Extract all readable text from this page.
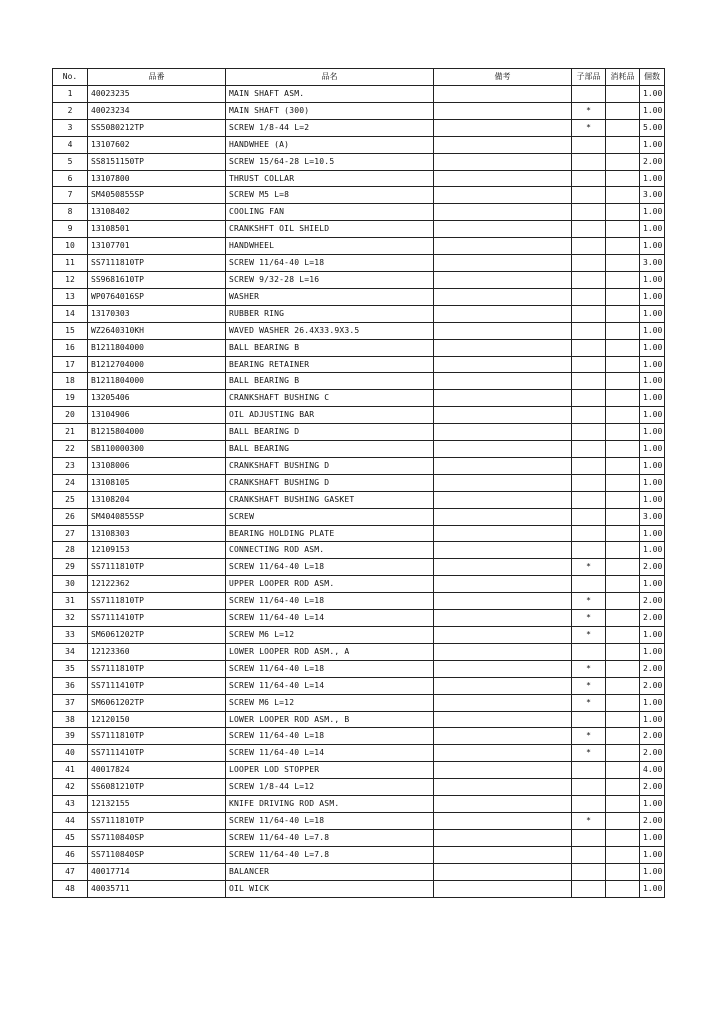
No.	品番	品名	備考	子部品	消耗品	個数
1	40023235	MAIN SHAFT ASM.				1.00
2	40023234	MAIN SHAFT (300)		*		1.00
3	SS5080212TP	SCREW 1/8-44 L=2		*		5.00
4	13107602	HANDWHEE (A)				1.00
5	SS8151150TP	SCREW 15/64-28 L=10.5				2.00
6	13107800	THRUST COLLAR				1.00
7	SM4050855SP	SCREW M5 L=8				3.00
8	13108402	COOLING FAN				1.00
9	13108501	CRANKSHFT OIL SHIELD				1.00
10	13107701	HANDWHEEL				1.00
11	SS7111810TP	SCREW 11/64-40 L=18				3.00
12	SS9681610TP	SCREW 9/32-28 L=16				1.00
13	WP0764016SP	WASHER				1.00
14	13170303	RUBBER RING				1.00
15	WZ2640310KH	WAVED WASHER 26.4X33.9X3.5				1.00
16	B1211804000	BALL BEARING B				1.00
17	B1212704000	BEARING RETAINER				1.00
18	B1211804000	BALL BEARING B				1.00
19	13205406	CRANKSHAFT BUSHING C				1.00
20	13104906	OIL ADJUSTING BAR				1.00
21	B1215804000	BALL BEARING D				1.00
22	SB110000300	BALL BEARING				1.00
23	13108006	CRANKSHAFT BUSHING D				1.00
24	13108105	CRANKSHAFT BUSHING D				1.00
25	13108204	CRANKSHAFT BUSHING GASKET				1.00
26	SM4040855SP	SCREW				3.00
27	13108303	BEARING HOLDING PLATE				1.00
28	12109153	CONNECTING ROD ASM.				1.00
29	SS7111810TP	SCREW 11/64-40 L=18		*		2.00
30	12122362	UPPER LOOPER ROD ASM.				1.00
31	SS7111810TP	SCREW 11/64-40 L=18		*		2.00
32	SS7111410TP	SCREW 11/64-40 L=14		*		2.00
33	SM6061202TP	SCREW M6 L=12		*		1.00
34	12123360	LOWER LOOPER ROD ASM., A				1.00
35	SS7111810TP	SCREW 11/64-40 L=18		*		2.00
36	SS7111410TP	SCREW 11/64-40 L=14		*		2.00
37	SM6061202TP	SCREW M6 L=12		*		1.00
38	12120150	LOWER LOOPER ROD ASM., B				1.00
39	SS7111810TP	SCREW 11/64-40 L=18		*		2.00
40	SS7111410TP	SCREW 11/64-40 L=14		*		2.00
41	40017824	LOOPER LOD STOPPER				4.00
42	SS6081210TP	SCREW 1/8-44 L=12				2.00
43	12132155	KNIFE DRIVING ROD ASM.				1.00
44	SS7111810TP	SCREW 11/64-40 L=18		*		2.00
45	SS7110840SP	SCREW 11/64-40 L=7.8				1.00
46	SS7110840SP	SCREW 11/64-40 L=7.8				1.00
47	40017714	BALANCER				1.00
48	40035711	OIL WICK				1.00
